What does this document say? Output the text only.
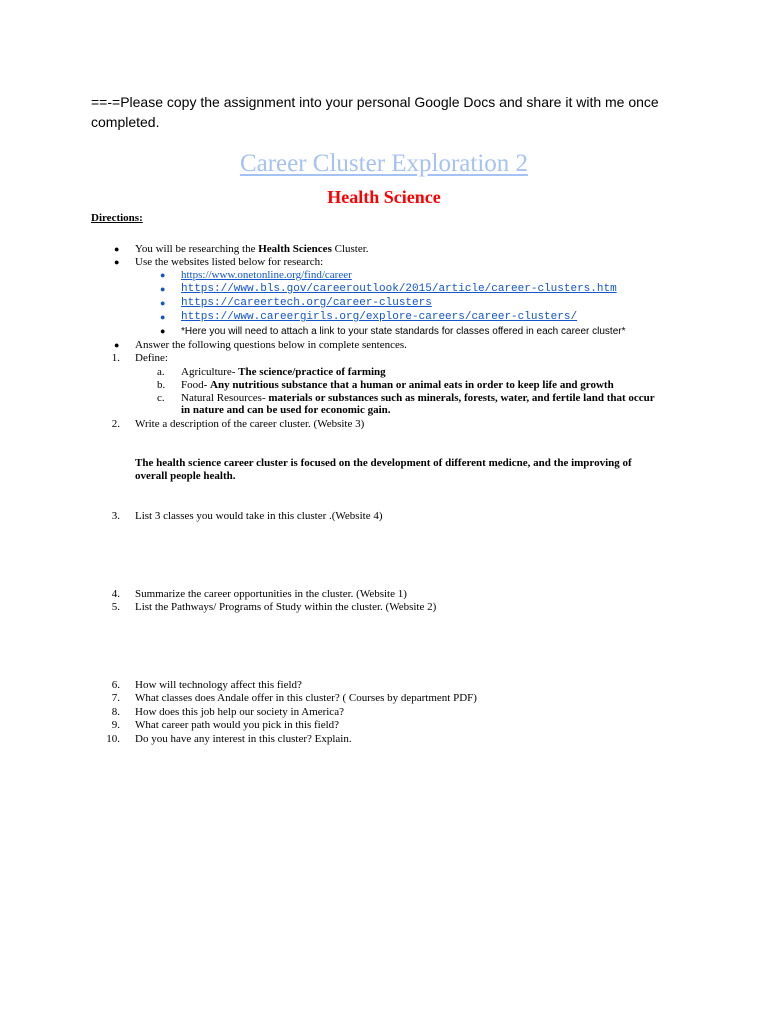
==-=Please copy the assignment into your personal Google Docs and share it with me once completed.
Career Cluster Exploration 2
Health Science
Directions:
● You will be researching the Health Sciences Cluster.
● Use the websites listed below for research:
● https://www.onetonline.org/find/career
● https://www.bls.gov/careeroutlook/2015/article/career-clusters.htm
● https://careertech.org/career-clusters
● https://www.careergirls.org/explore-careers/career-clusters/
● *Here you will need to attach a link to your state standards for classes offered in each career cluster*
● Answer the following questions below in complete sentences.
1. Define:
a. Agriculture- The science/practice of farming
b. Food- Any nutritious substance that a human or animal eats in order to keep life and growth
c. Natural Resources- materials or substances such as minerals, forests, water, and fertile land that occur
in nature and can be used for economic gain.
2. Write a description of the career cluster. (Website 3)
The health science career cluster is focused on the development of different medicne, and the improving of
overall people health.
3. List 3 classes you would take in this cluster .(Website 4)
4. Summarize the career opportunities in the cluster. (Website 1)
5. List the Pathways/ Programs of Study within the cluster. (Website 2)
6. How will technology affect this field?
7. What classes does Andale offer in this cluster? ( Courses by department PDF)
8. How does this job help our society in America?
9. What career path would you pick in this field?
10. Do you have any interest in this cluster? Explain.
